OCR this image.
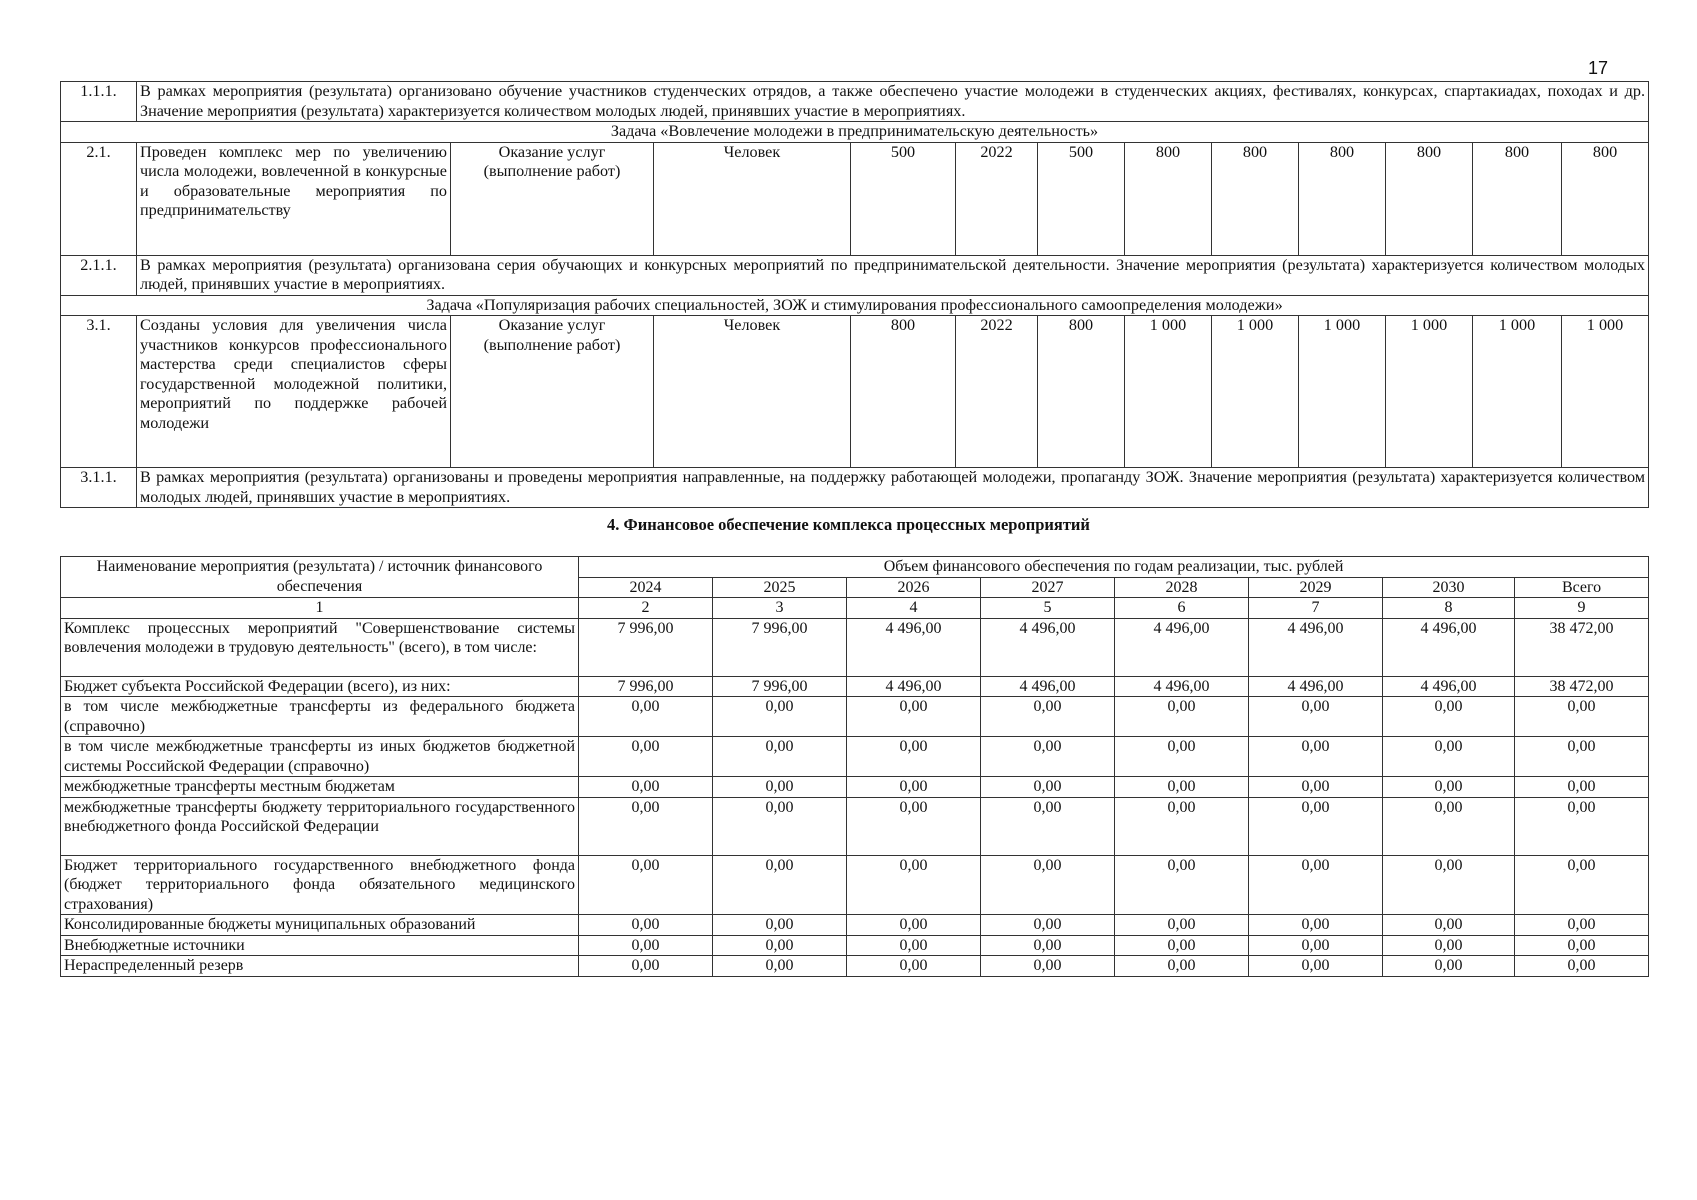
17
1.1.1.	В рамках мероприятия (результата) организовано обучение участников студенческих отрядов, а также обеспечено участие молодежи в студенческих акциях, фестивалях, конкурсах, спартакиадах, походах и др. Значение мероприятия (результата) характеризуется количеством молодых людей, принявших участие в мероприятиях.											
Задача «Вовлечение молодежи в предпринимательскую деятельность»												
2.1.	Проведен комплекс мер по увеличению числа молодежи, вовлеченной в конкурсные и образовательные мероприятия по предпринимательству	Оказание услуг (выполнение работ)	Человек	500	2022	500	800	800	800	800	800	800
2.1.1.	В рамках мероприятия (результата) организована серия обучающих и конкурсных мероприятий по предпринимательской деятельности. Значение мероприятия (результата) характеризуется количеством молодых людей, принявших участие в мероприятиях.											
Задача «Популяризация рабочих специальностей, ЗОЖ и стимулирования профессионального самоопределения молодежи»												
3.1.	Созданы условия для увеличения числа участников конкурсов профессионального мастерства среди специалистов сферы государственной молодежной политики, мероприятий по поддержке рабочей молодежи	Оказание услуг (выполнение работ)	Человек	800	2022	800	1 000	1 000	1 000	1 000	1 000	1 000
3.1.1.	В рамках мероприятия (результата) организованы и проведены мероприятия направленные, на поддержку работающей молодежи, пропаганду ЗОЖ. Значение мероприятия (результата) характеризуется количеством молодых людей, принявших участие в мероприятиях.											
4. Финансовое обеспечение комплекса процессных мероприятий
Наименование мероприятия (результата) / источник финансового обеспечения	Объем финансового обеспечения по годам реализации, тыс. рублей							
	2024	2025	2026	2027	2028	2029	2030	Всего
1	2	3	4	5	6	7	8	9
Комплекс процессных мероприятий "Совершенствование системы вовлечения молодежи в трудовую деятельность" (всего), в том числе:	7 996,00	7 996,00	4 496,00	4 496,00	4 496,00	4 496,00	4 496,00	38 472,00
Бюджет субъекта Российской Федерации (всего), из них:	7 996,00	7 996,00	4 496,00	4 496,00	4 496,00	4 496,00	4 496,00	38 472,00
в том числе межбюджетные трансферты из федерального бюджета (справочно)	0,00	0,00	0,00	0,00	0,00	0,00	0,00	0,00
в том числе межбюджетные трансферты из иных бюджетов бюджетной системы Российской Федерации (справочно)	0,00	0,00	0,00	0,00	0,00	0,00	0,00	0,00
межбюджетные трансферты местным бюджетам	0,00	0,00	0,00	0,00	0,00	0,00	0,00	0,00
межбюджетные трансферты бюджету территориального государственного внебюджетного фонда Российской Федерации	0,00	0,00	0,00	0,00	0,00	0,00	0,00	0,00
Бюджет территориального государственного внебюджетного фонда (бюджет территориального фонда обязательного медицинского страхования)	0,00	0,00	0,00	0,00	0,00	0,00	0,00	0,00
Консолидированные бюджеты муниципальных образований	0,00	0,00	0,00	0,00	0,00	0,00	0,00	0,00
Внебюджетные источники	0,00	0,00	0,00	0,00	0,00	0,00	0,00	0,00
Нераспределенный резерв	0,00	0,00	0,00	0,00	0,00	0,00	0,00	0,00
